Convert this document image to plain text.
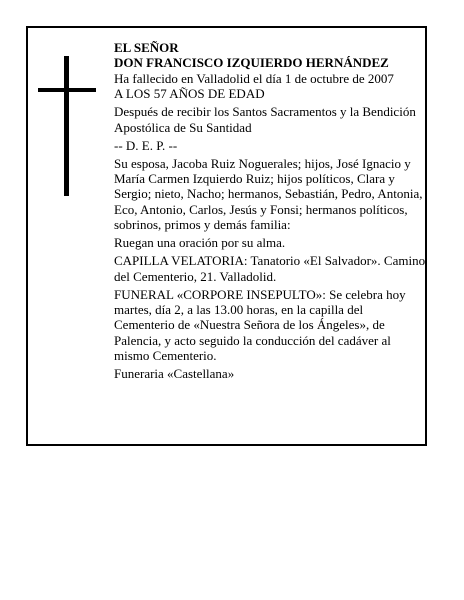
EL SEÑOR
DON FRANCISCO IZQUIERDO HERNÁNDEZ
Ha fallecido en Valladolid el día 1 de octubre de 2007
A LOS 57 AÑOS DE EDAD

Después de recibir los Santos Sacramentos y la Bendición Apostólica de Su Santidad

-- D. E. P. --

Su esposa, Jacoba Ruiz Noguerales; hijos, José Ignacio y María Carmen Izquierdo Ruiz; hijos políticos, Clara y Sergio; nieto, Nacho; hermanos, Sebastián, Pedro, Antonia, Eco, Antonio, Carlos, Jesús y Fonsi; hermanos políticos, sobrinos, primos y demás familia:

Ruegan una oración por su alma.

CAPILLA VELATORIA: Tanatorio «El Salvador». Camino del Cementerio, 21. Valladolid.

FUNERAL «CORPORE INSEPULTO»: Se celebra hoy martes, día 2, a las 13.00 horas, en la capilla del Cementerio de «Nuestra Señora de los Ángeles», de Palencia, y acto seguido la conducción del cadáver al mismo Cementerio.

Funeraria «Castellana»
